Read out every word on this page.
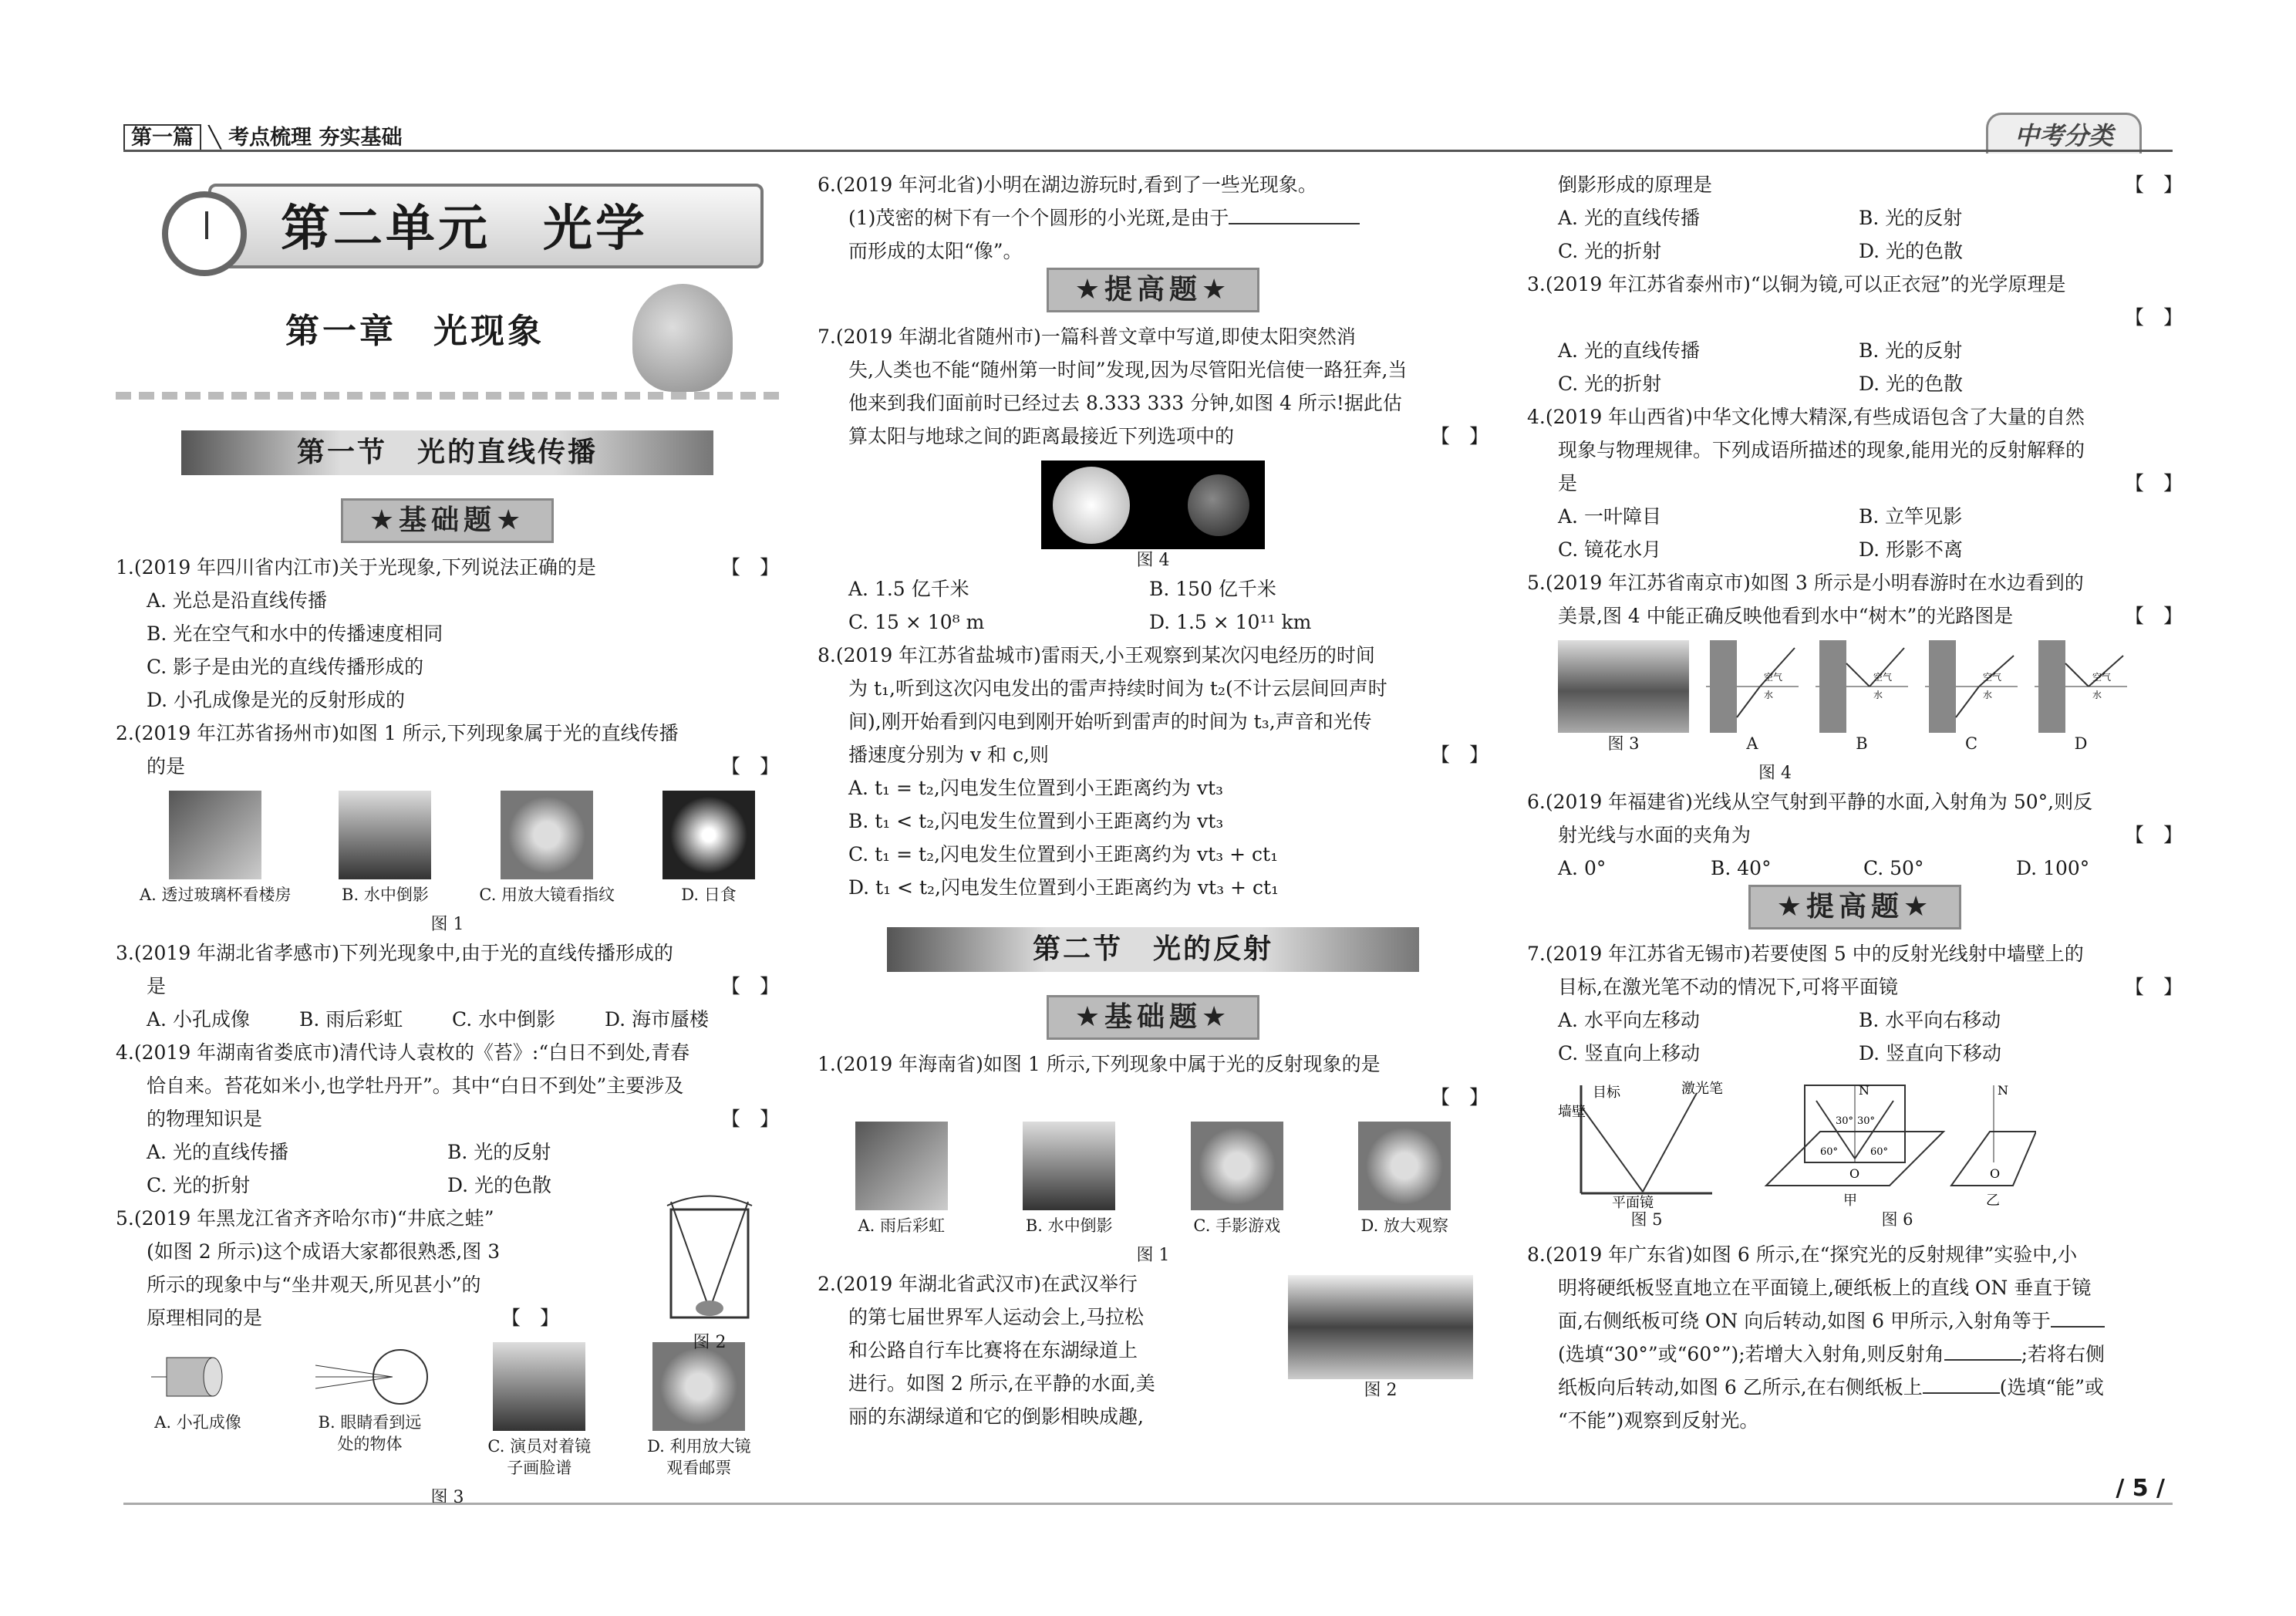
第一篇 ╲ 考点梳理 夯实基础	中考分类
第二单元　光学
第一章　光现象
第一节　光的直线传播
★基础题★
1.(2019 年四川省内江市)关于光现象,下列说法正确的是	【　】
A. 光总是沿直线传播
B. 光在空气和水中的传播速度相同
C. 影子是由光的直线传播形成的
D. 小孔成像是光的反射形成的
2.(2019 年江苏省扬州市)如图 1 所示,下列现象属于光的直线传播
的是	【　】
A. 透过玻璃杯看楼房	B. 水中倒影	C. 用放大镜看指纹	D. 日食
图 1
3.(2019 年湖北省孝感市)下列光现象中,由于光的直线传播形成的
是	【　】
A. 小孔成像	B. 雨后彩虹	C. 水中倒影	D. 海市蜃楼
4.(2019 年湖南省娄底市)清代诗人袁枚的《苔》:“白日不到处,青春
恰自来。苔花如米小,也学牡丹开”。其中“白日不到处”主要涉及
的物理知识是	【　】
A. 光的直线传播	B. 光的反射
C. 光的折射	D. 光的色散
5.(2019 年黑龙江省齐齐哈尔市)“井底之蛙”
(如图 2 所示)这个成语大家都很熟悉,图 3
所示的现象中与“坐井观天,所见甚小”的
原理相同的是	【　】
图 2
A. 小孔成像	B. 眼睛看到远
处的物体	C. 演员对着镜
子画脸谱
D. 利用放大镜
观看邮票
图 3
6.(2019 年河北省)小明在湖边游玩时,看到了一些光现象。
(1)茂密的树下有一个个圆形的小光斑,是由于
而形成的太阳“像”。
★提高题★
7.(2019 年湖北省随州市)一篇科普文章中写道,即使太阳突然消
失,人类也不能“随州第一时间”发现,因为尽管阳光信使一路狂奔,当
他来到我们面前时已经过去 8.333 333 分钟,如图 4 所示!据此估
算太阳与地球之间的距离最接近下列选项中的	【　】
图 4
A. 1.5 亿千米	B. 150 亿千米
C. 15 × 10⁸ m	D. 1.5 × 10¹¹ km
8.(2019 年江苏省盐城市)雷雨天,小王观察到某次闪电经历的时间
为 t₁,听到这次闪电发出的雷声持续时间为 t₂(不计云层间回声时
间),刚开始看到闪电到刚开始听到雷声的时间为 t₃,声音和光传
播速度分别为 v 和 c,则	【　】
A. t₁ = t₂,闪电发生位置到小王距离约为 vt₃
B. t₁ < t₂,闪电发生位置到小王距离约为 vt₃
C. t₁ = t₂,闪电发生位置到小王距离约为 vt₃ + ct₁
D. t₁ < t₂,闪电发生位置到小王距离约为 vt₃ + ct₁
第二节　光的反射
★基础题★
1.(2019 年海南省)如图 1 所示,下列现象中属于光的反射现象的是
【　】
A. 雨后彩虹	B. 水中倒影	C. 手影游戏	D. 放大观察
图 1
2.(2019 年湖北省武汉市)在武汉举行
的第七届世界军人运动会上,马拉松
和公路自行车比赛将在东湖绿道上
进行。如图 2 所示,在平静的水面,美
丽的东湖绿道和它的倒影相映成趣,
图 2
倒影形成的原理是	【　】
A. 光的直线传播	B. 光的反射
C. 光的折射	D. 光的色散
3.(2019 年江苏省泰州市)“以铜为镜,可以正衣冠”的光学原理是
【　】
A. 光的直线传播	B. 光的反射
C. 光的折射	D. 光的色散
4.(2019 年山西省)中华文化博大精深,有些成语包含了大量的自然
现象与物理规律。下列成语所描述的现象,能用光的反射解释的
是	【　】
A. 一叶障目	B. 立竿见影
C. 镜花水月	D. 形影不离
5.(2019 年江苏省南京市)如图 3 所示是小明春游时在水边看到的
美景,图 4 中能正确反映他看到水中“树木”的光路图是	【　】
图 3
空气
水
A
空气
水
B
空气
水
C
空气
水
D
图 4
6.(2019 年福建省)光线从空气射到平静的水面,入射角为 50°,则反
射光线与水面的夹角为	【　】
A. 0°	B. 40°	C. 50°	D. 100°
★提高题★
7.(2019 年江苏省无锡市)若要使图 5 中的反射光线射中墙壁上的
目标,在激光笔不动的情况下,可将平面镜	【　】
A. 水平向左移动	B. 水平向右移动
C. 竖直向上移动	D. 竖直向下移动
墙壁
目标	激光笔
平面镜
图 5
N
O
30° 30°
60°	60°
甲
O
N
乙
图 6
8.(2019 年广东省)如图 6 所示,在“探究光的反射规律”实验中,小
明将硬纸板竖直地立在平面镜上,硬纸板上的直线 ON 垂直于镜
面,右侧纸板可绕 ON 向后转动,如图 6 甲所示,入射角等于
(选填“30°”或“60°”);若增大入射角,则反射角	;若将右侧
纸板向后转动,如图 6 乙所示,在右侧纸板上	(选填“能”或
“不能”)观察到反射光。
/ 5 /
